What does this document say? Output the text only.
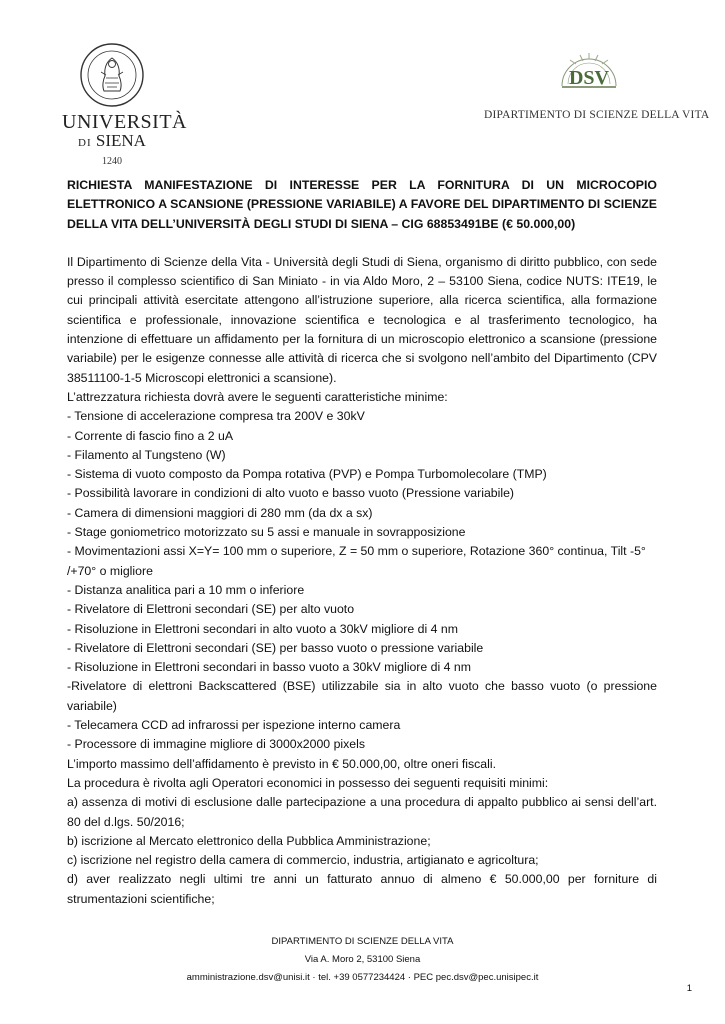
UNIVERSITÀ
DI SIENA
1240
DSV
DIPARTIMENTO DI SCIENZE DELLA VITA

RICHIESTA MANIFESTAZIONE DI INTERESSE PER LA FORNITURA DI UN MICROCOPIO ELETTRONICO A SCANSIONE (PRESSIONE VARIABILE) A FAVORE DEL DIPARTIMENTO DI SCIENZE DELLA VITA DELL’UNIVERSITÀ DEGLI STUDI DI SIENA – CIG 68853491BE (€ 50.000,00)

Il Dipartimento di Scienze della Vita - Università degli Studi di Siena, organismo di diritto pubblico, con sede presso il complesso scientifico di San Miniato - in via Aldo Moro, 2 – 53100 Siena, codice NUTS: ITE19, le cui principali attività esercitate attengono all’istruzione superiore, alla ricerca scientifica, alla formazione scientifica e professionale, innovazione scientifica e tecnologica e al trasferimento tecnologico, ha intenzione di effettuare un affidamento per la fornitura di un microscopio elettronico a scansione (pressione variabile) per le esigenze connesse alle attività di ricerca che si svolgono nell’ambito del Dipartimento (CPV 38511100-1-5 Microscopi elettronici a scansione).

L’attrezzatura richiesta dovrà avere le seguenti caratteristiche minime:

- Tensione di accelerazione compresa tra 200V e 30kV

- Corrente di fascio fino a 2 uA

- Filamento al Tungsteno (W)

- Sistema di vuoto composto da Pompa rotativa (PVP) e Pompa Turbomolecolare (TMP)

- Possibilità lavorare in condizioni di alto vuoto e basso vuoto (Pressione variabile)

- Camera di dimensioni maggiori di 280 mm (da dx a sx)

- Stage goniometrico motorizzato su 5 assi e manuale in sovrapposizione

- Movimentazioni assi X=Y= 100 mm o superiore, Z = 50 mm o superiore, Rotazione 360° continua, Tilt -5° /+70° o migliore

- Distanza analitica pari a 10 mm o inferiore

- Rivelatore di Elettroni secondari (SE) per alto vuoto

- Risoluzione in Elettroni secondari in alto vuoto a 30kV migliore di 4 nm

- Rivelatore di Elettroni secondari (SE) per basso vuoto o pressione variabile

- Risoluzione in Elettroni secondari in basso vuoto a 30kV migliore di 4 nm

-Rivelatore di elettroni Backscattered (BSE) utilizzabile sia in alto vuoto che basso vuoto (o pressione variabile)

- Telecamera CCD ad infrarossi per ispezione interno camera

- Processore di immagine migliore di 3000x2000 pixels

L’importo massimo dell’affidamento è previsto in € 50.000,00, oltre oneri fiscali.

La procedura è rivolta agli Operatori economici in possesso dei seguenti requisiti minimi:

a) assenza di motivi di esclusione dalle partecipazione a una procedura di appalto pubblico ai sensi dell’art. 80 del d.lgs. 50/2016;

b) iscrizione al Mercato elettronico della Pubblica Amministrazione;

c) iscrizione nel registro della camera di commercio, industria, artigianato e agricoltura;

d) aver realizzato negli ultimi tre anni un fatturato annuo di almeno € 50.000,00 per forniture di strumentazioni scientifiche;

DIPARTIMENTO DI SCIENZE DELLA VITA
Via A. Moro 2, 53100 Siena
amministrazione.dsv@unisi.it · tel. +39 0577234424 · PEC pec.dsv@pec.unisipec.it
1
